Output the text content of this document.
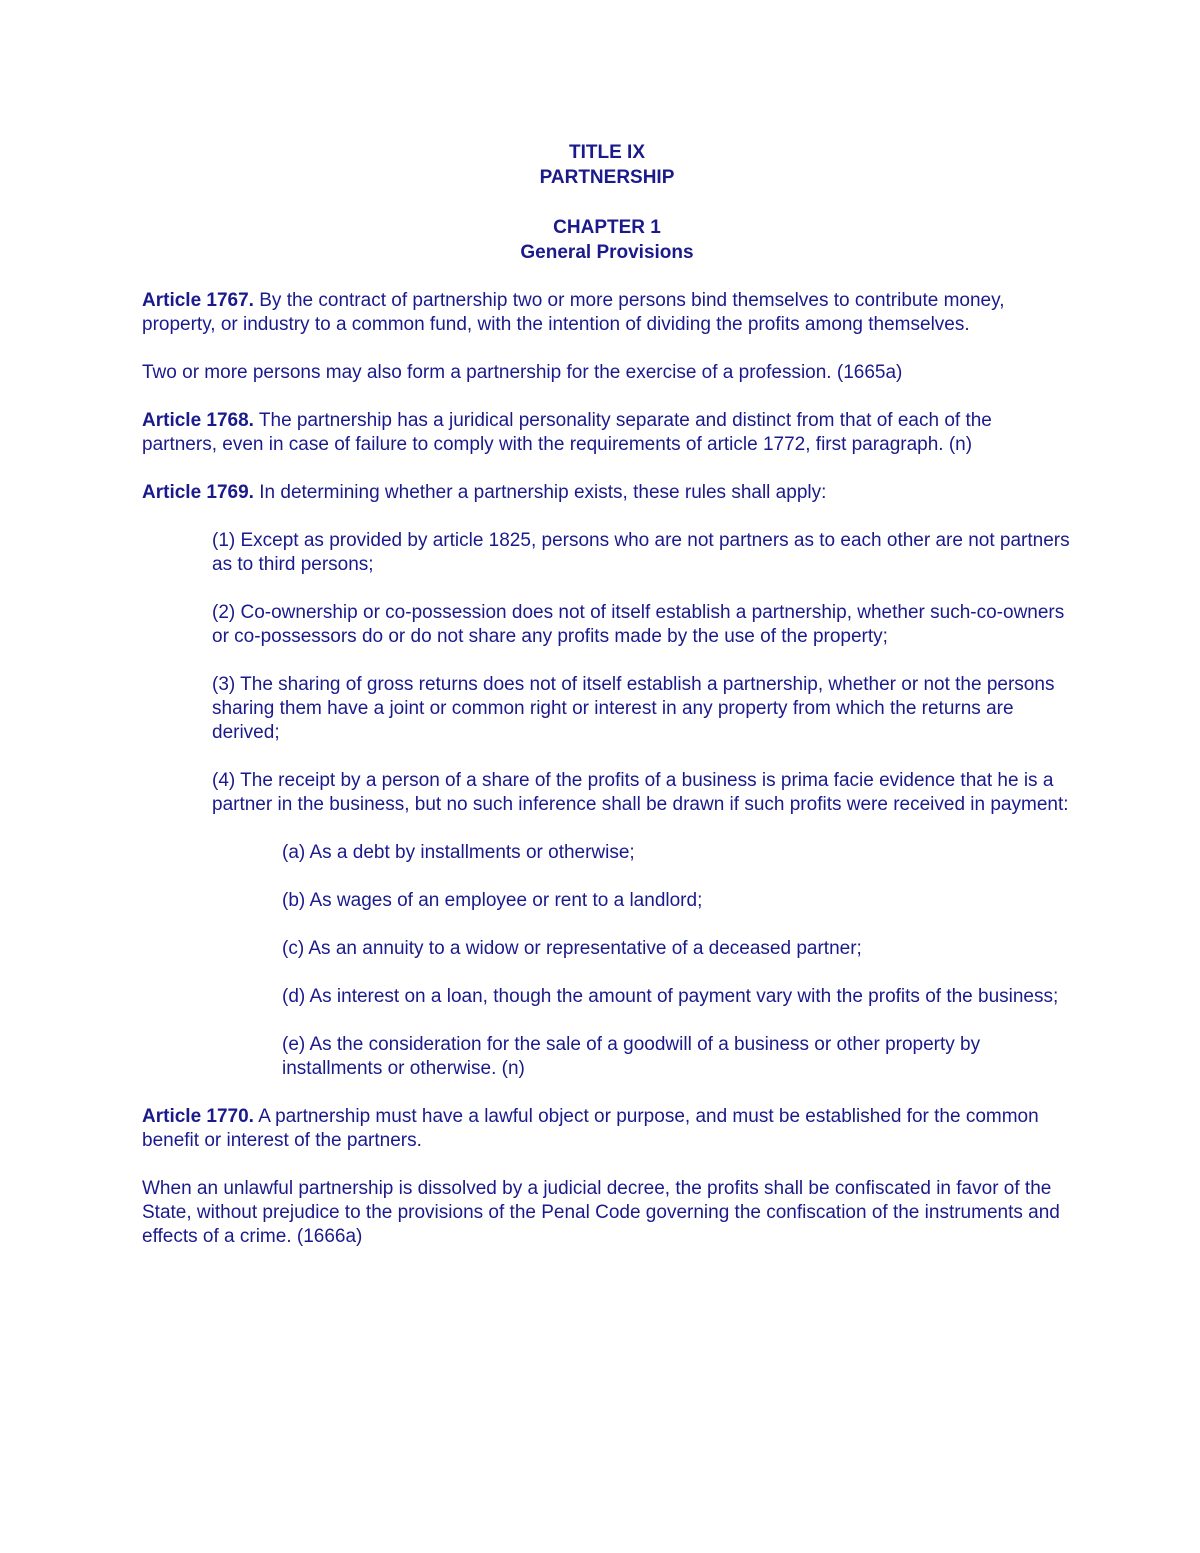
TITLE IX
PARTNERSHIP
CHAPTER 1
General Provisions

Article 1767. By the contract of partnership two or more persons bind themselves to contribute money, property, or industry to a common fund, with the intention of dividing the profits among themselves.

Two or more persons may also form a partnership for the exercise of a profession. (1665a)

Article 1768. The partnership has a juridical personality separate and distinct from that of each of the partners, even in case of failure to comply with the requirements of article 1772, first paragraph. (n)

Article 1769. In determining whether a partnership exists, these rules shall apply:

(1) Except as provided by article 1825, persons who are not partners as to each other are not partners as to third persons;

(2) Co-ownership or co-possession does not of itself establish a partnership, whether such-co-owners or co-possessors do or do not share any profits made by the use of the property;

(3) The sharing of gross returns does not of itself establish a partnership, whether or not the persons sharing them have a joint or common right or interest in any property from which the returns are derived;

(4) The receipt by a person of a share of the profits of a business is prima facie evidence that he is a partner in the business, but no such inference shall be drawn if such profits were received in payment:

(a) As a debt by installments or otherwise;

(b) As wages of an employee or rent to a landlord;

(c) As an annuity to a widow or representative of a deceased partner;

(d) As interest on a loan, though the amount of payment vary with the profits of the business;

(e) As the consideration for the sale of a goodwill of a business or other property by installments or otherwise. (n)

Article 1770. A partnership must have a lawful object or purpose, and must be established for the common benefit or interest of the partners.

When an unlawful partnership is dissolved by a judicial decree, the profits shall be confiscated in favor of the State, without prejudice to the provisions of the Penal Code governing the confiscation of the instruments and effects of a crime. (1666a)
